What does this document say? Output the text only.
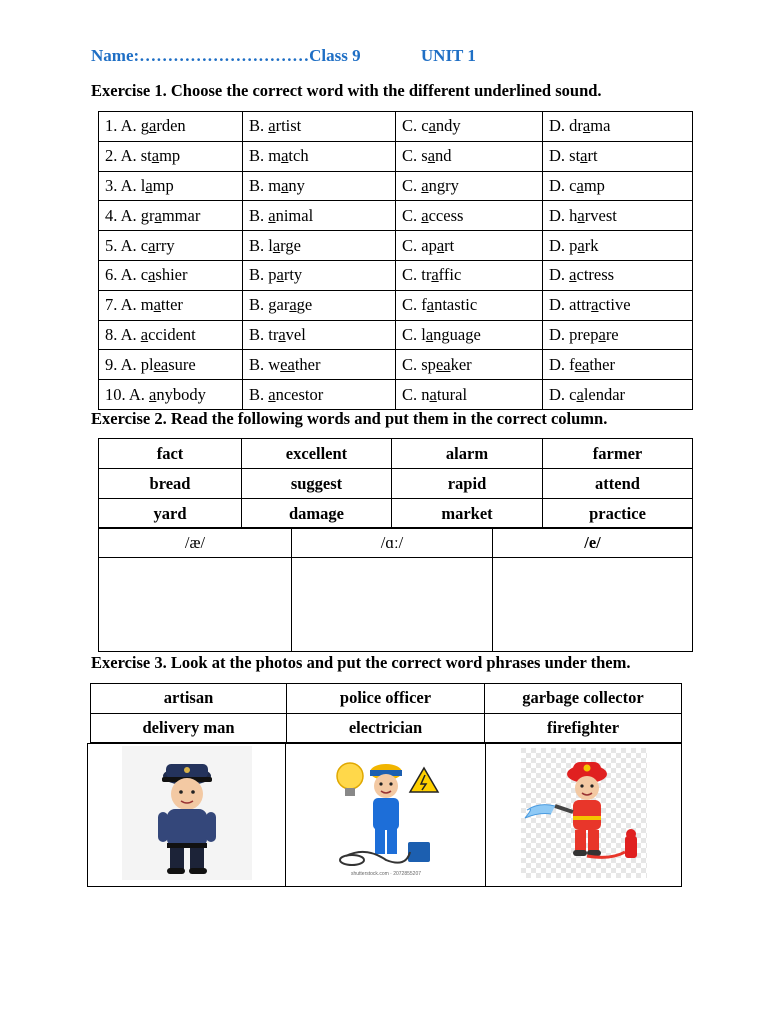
Name:…………………………Class 9	UNIT 1
Exercise 1. Choose the correct word with the different underlined sound.
1. A. garden	B. artist	C. candy	D. drama
2. A. stamp	B. match	C. sand	D. start
3. A. lamp	B. many	C. angry	D. camp
4. A. grammar	B. animal	C. access	D. harvest
5. A. carry	B. large	C. apart	D. park
6. A. cashier	B. party	C. traffic	D. actress
7. A. matter	B. garage	C. fantastic	D. attractive
8. A. accident	B. travel	C. language	D. prepare
9. A. pleasure	B. weather	C. speaker	D. feather
10. A. anybody	B. ancestor	C. natural	D. calendar
Exercise 2. Read the following words and put them in the correct column.
fact	excellent	alarm	farmer
bread	suggest	rapid	attend
yard	damage	market	practice
/æ/	/ɑː/	/e/

Exercise 3. Look at the photos and put the correct word phrases under them.
artisan	police officer	garbage collector
delivery man	electrician	firefighter

shutterstock.com · 2072855207
